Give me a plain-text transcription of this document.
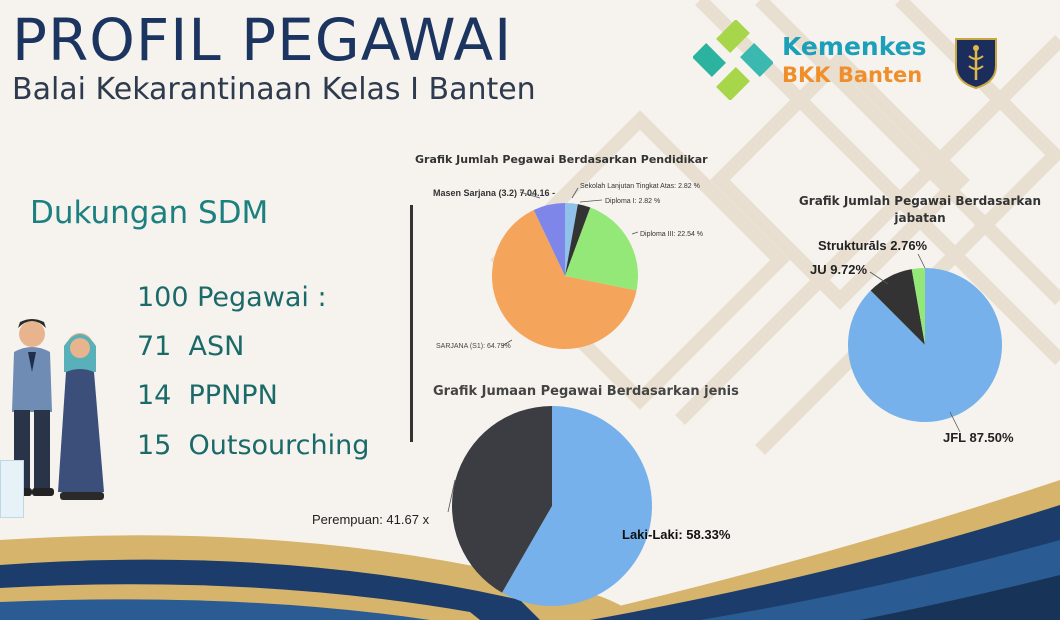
PROFIL PEGAWAI
Balai Kekarantinaan Kelas I Banten
Kemenkes
BKK Banten
Dukungan SDM
100 Pegawai :
71  ASN
14  PPNPN
15  Outsourching
Grafik Jumlah Pegawai Berdasarkan Pendidikar
Sekolah Lanjutan Tingkat Atas: 2.82 %
Diploma I: 2.82 %
Diploma III: 22.54 %
SARJANA (S1): 64.79%
Masen Sarjana (3.2) 7.04.16 -
Grafik Jumlah Pegawai Berdasarkan jabatan
Strukturāls 2.76%
JU 9.72%
JFL 87.50%
Grafik Jumaan Pegawai Berdasarkan jenis
Perempuan: 41.67 x
Laki-Laki: 58.33%
